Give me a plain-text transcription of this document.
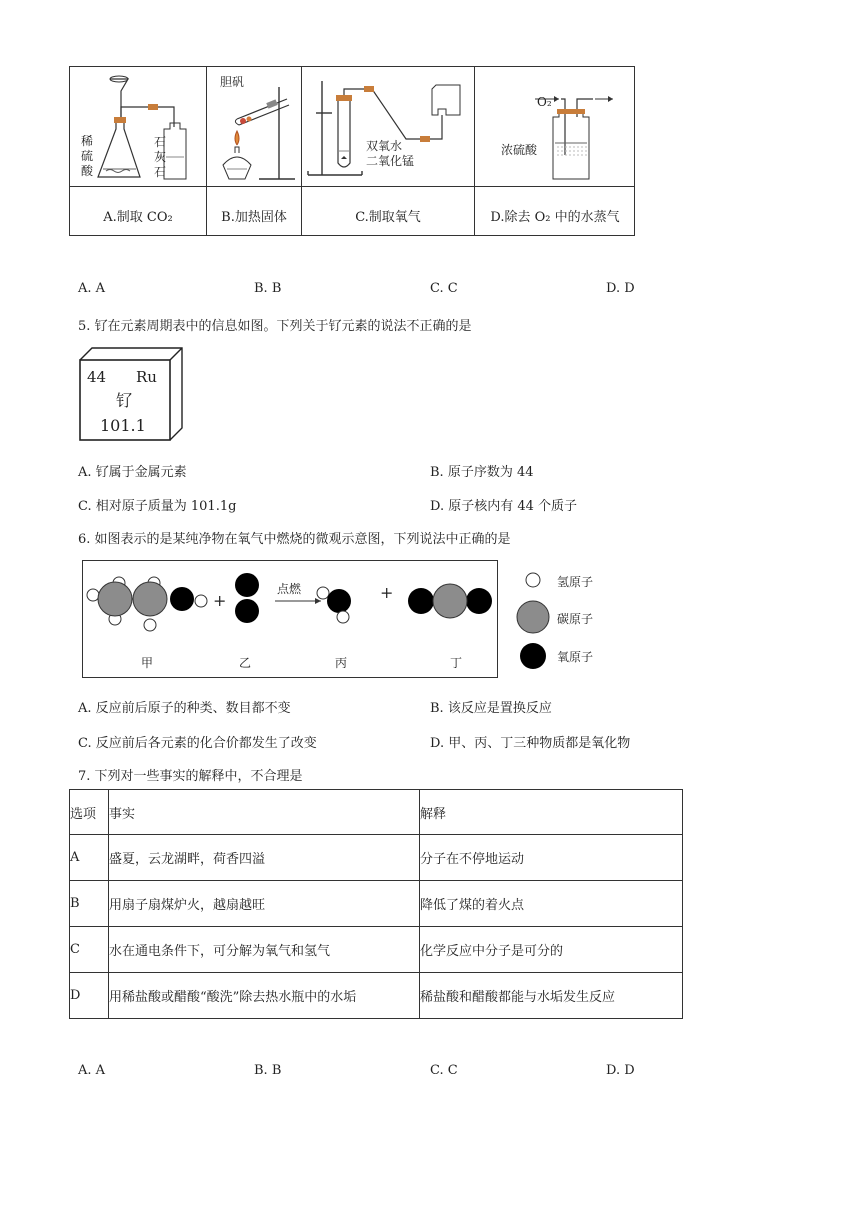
稀
硫
酸
石
灰
石
胆矾
双氧水
二氧化锰
O₂
浓硫酸
A.制取 CO₂	B.加热固体	C.制取氧气	D.除去 O₂ 中的水蒸气
A. A	B. B	C. C	D. D
5. 钌在元素周期表中的信息如图。下列关于钌元素的说法不正确的是
44 Ru
钌
101.1
A. 钌属于金属元素	B. 原子序数为 44
C. 相对原子质量为 101.1g	D. 原子核内有 44 个质子
6. 如图表示的是某纯净物在氧气中燃烧的微观示意图，下列说法中正确的是
+	+
点燃
甲	乙	丙	丁
氢原子
碳原子
氧原子
A. 反应前后原子的种类、数目都不变	B. 该反应是置换反应
C. 反应前后各元素的化合价都发生了改变	D. 甲、丙、丁三种物质都是氧化物
7. 下列对一些事实的解释中，不合理是
选项	事实	解释
A	盛夏，云龙湖畔，荷香四溢	分子在不停地运动
B	用扇子扇煤炉火，越扇越旺	降低了煤的着火点
C	水在通电条件下，可分解为氧气和氢气	化学反应中分子是可分的
D	用稀盐酸或醋酸“酸洗”除去热水瓶中的水垢	稀盐酸和醋酸都能与水垢发生反应
A. A	B. B	C. C	D. D
